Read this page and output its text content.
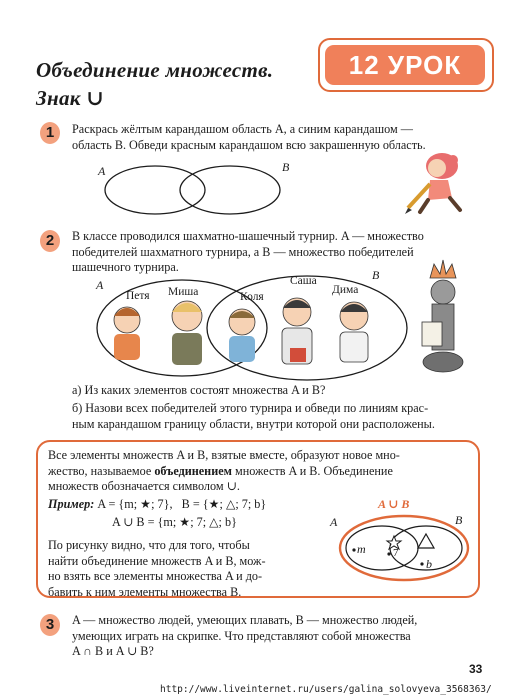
Объединение множеств.
Знак ∪
12 УРОК
1	Раскрась жёлтым карандашом область A, а синим карандашом —
область B. Обведи красным карандашом всю закрашенную область.
A	B
2	В классе проводился шахматно-шашечный турнир. A — множество
победителей шахматного турнира, а B — множество победителей
шашечного турнира.
A
B
Петя Миша	Коля
Саша
Дима
а) Из каких элементов состоят множества A и B?
б) Назови всех победителей этого турнира и обведи по линиям крас-
ным карандашом границу области, внутри которой они расположены.
Все элементы множеств A и B, взятые вместе, образуют новое мно-
жество, называемое объединением множеств A и B. Объединение
множеств обозначается символом ∪.
Пример: A = {m; ★; 7}, B = {★; △; 7; b}
A ∪ B = {m; ★; 7; △; b}
По рисунку видно, что для того, чтобы
найти объединение множеств A и B, мож-
но взять все элементы множества A и до-
бавить к ним элементы множества B.
A ∪ B
A	B
m 7
b
3	A — множество людей, умеющих плавать, B — множество людей,
умеющих играть на скрипке. Что представляют собой множества
A ∩ B и A ∪ B?
33
http://www.liveinternet.ru/users/galina_solovyeva_3568363/
